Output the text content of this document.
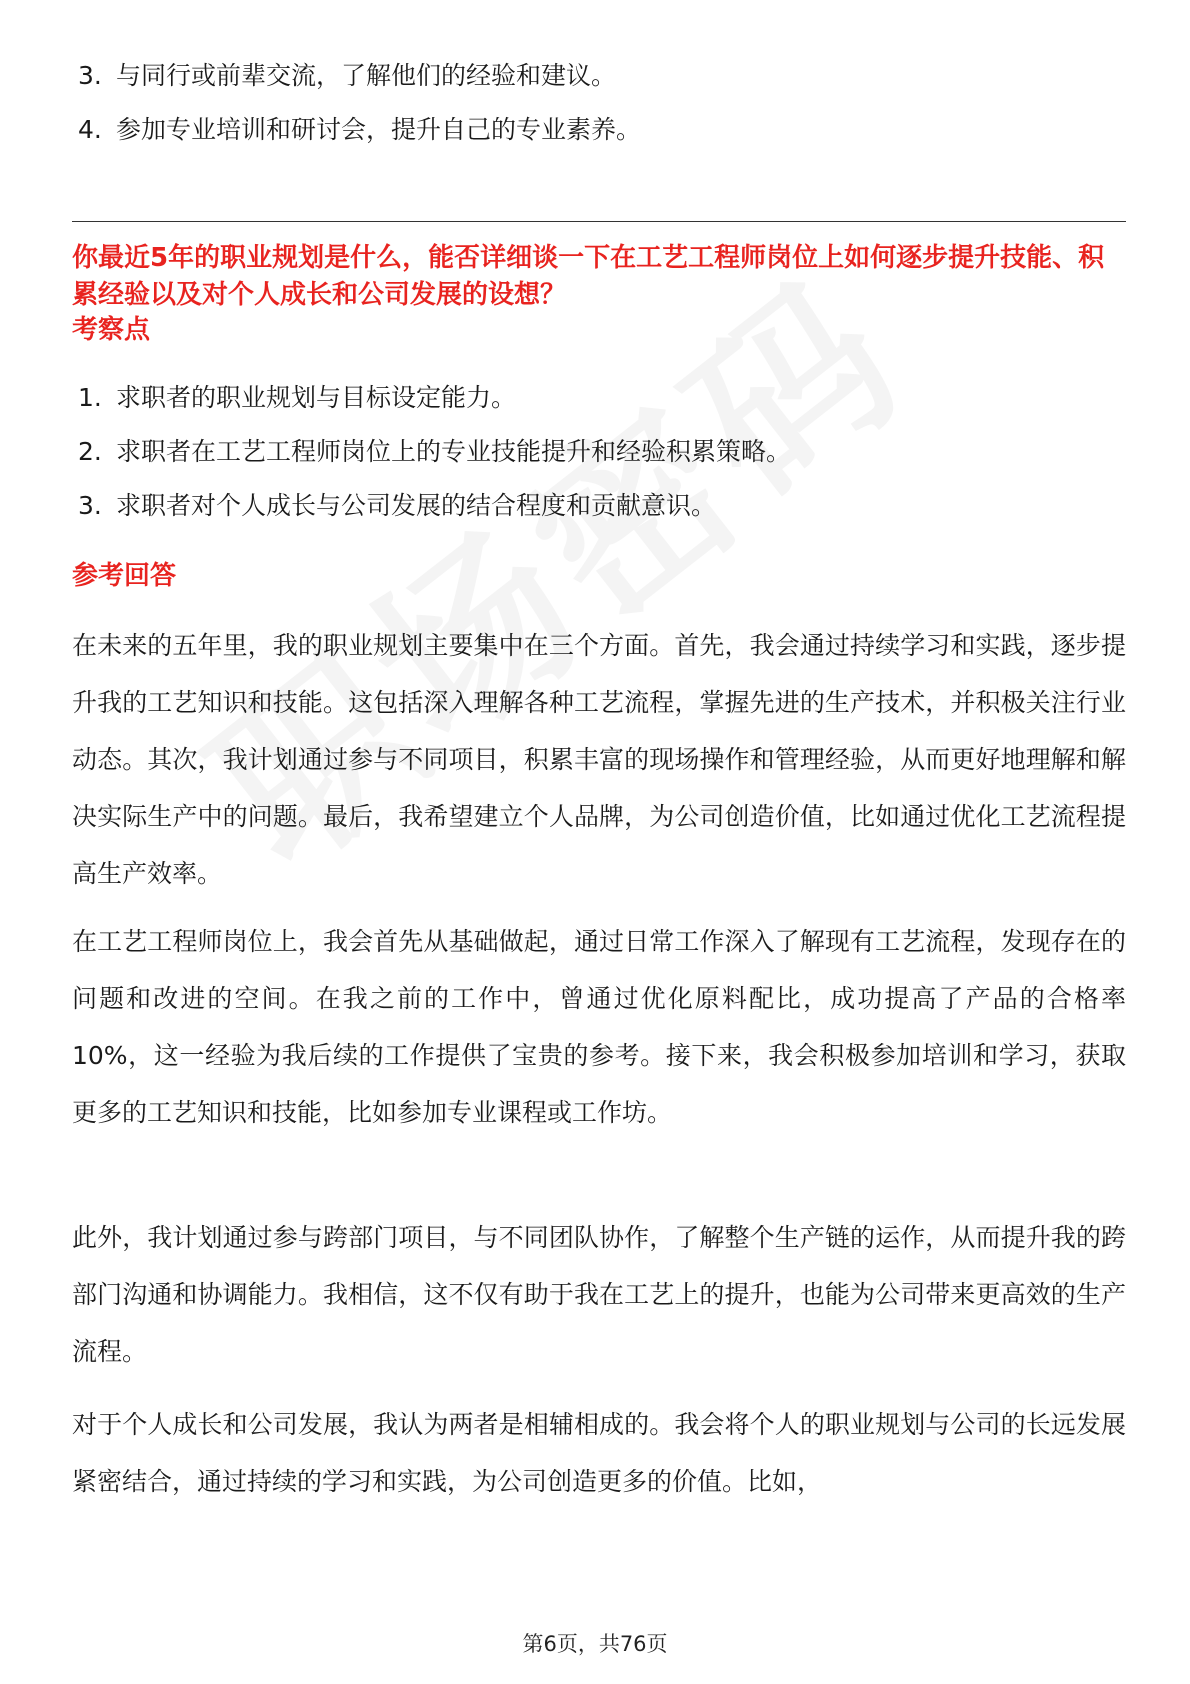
3. 与同行或前辈交流，了解他们的经验和建议。
4. 参加专业培训和研讨会，提升自己的专业素养。
你最近5年的职业规划是什么，能否详细谈一下在工艺工程师岗位上如何逐步提升技能、积累经验以及对个人成长和公司发展的设想？
考察点
1. 求职者的职业规划与目标设定能力。
2. 求职者在工艺工程师岗位上的专业技能提升和经验积累策略。
3. 求职者对个人成长与公司发展的结合程度和贡献意识。
参考回答
在未来的五年里，我的职业规划主要集中在三个方面。首先，我会通过持续学习和实践，逐步提升我的工艺知识和技能。这包括深入理解各种工艺流程，掌握先进的生产技术，并积极关注行业动态。其次，我计划通过参与不同项目，积累丰富的现场操作和管理经验，从而更好地理解和解决实际生产中的问题。最后，我希望建立个人品牌，为公司创造价值，比如通过优化工艺流程提高生产效率。
在工艺工程师岗位上，我会首先从基础做起，通过日常工作深入了解现有工艺流程，发现存在的问题和改进的空间。在我之前的工作中，曾通过优化原料配比，成功提高了产品的合格率10%，这一经验为我后续的工作提供了宝贵的参考。接下来，我会积极参加培训和学习，获取更多的工艺知识和技能，比如参加专业课程或工作坊。
此外，我计划通过参与跨部门项目，与不同团队协作，了解整个生产链的运作，从而提升我的跨部门沟通和协调能力。我相信，这不仅有助于我在工艺上的提升，也能为公司带来更高效的生产流程。
对于个人成长和公司发展，我认为两者是相辅相成的。我会将个人的职业规划与公司的长远发展紧密结合，通过持续的学习和实践，为公司创造更多的价值。比如，
第6页，共76页
